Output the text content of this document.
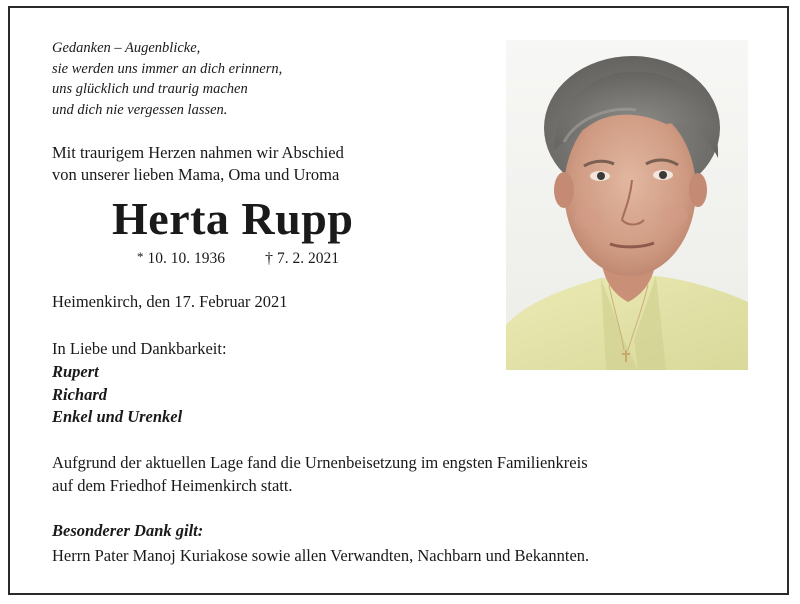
Gedanken – Augenblicke,
sie werden uns immer an dich erinnern,
uns glücklich und traurig machen
und dich nie vergessen lassen.
Mit traurigem Herzen nahmen wir Abschied
von unserer lieben Mama, Oma und Uroma
Herta Rupp
* 10. 10. 1936	† 7. 2. 2021
Heimenkirch, den 17. Februar 2021
In Liebe und Dankbarkeit:
Rupert
Richard
Enkel und Urenkel
Aufgrund der aktuellen Lage fand die Urnenbeisetzung im engsten Familienkreis
auf dem Friedhof Heimenkirch statt.
Besonderer Dank gilt:
Herrn Pater Manoj Kuriakose sowie allen Verwandten, Nachbarn und Bekannten.
